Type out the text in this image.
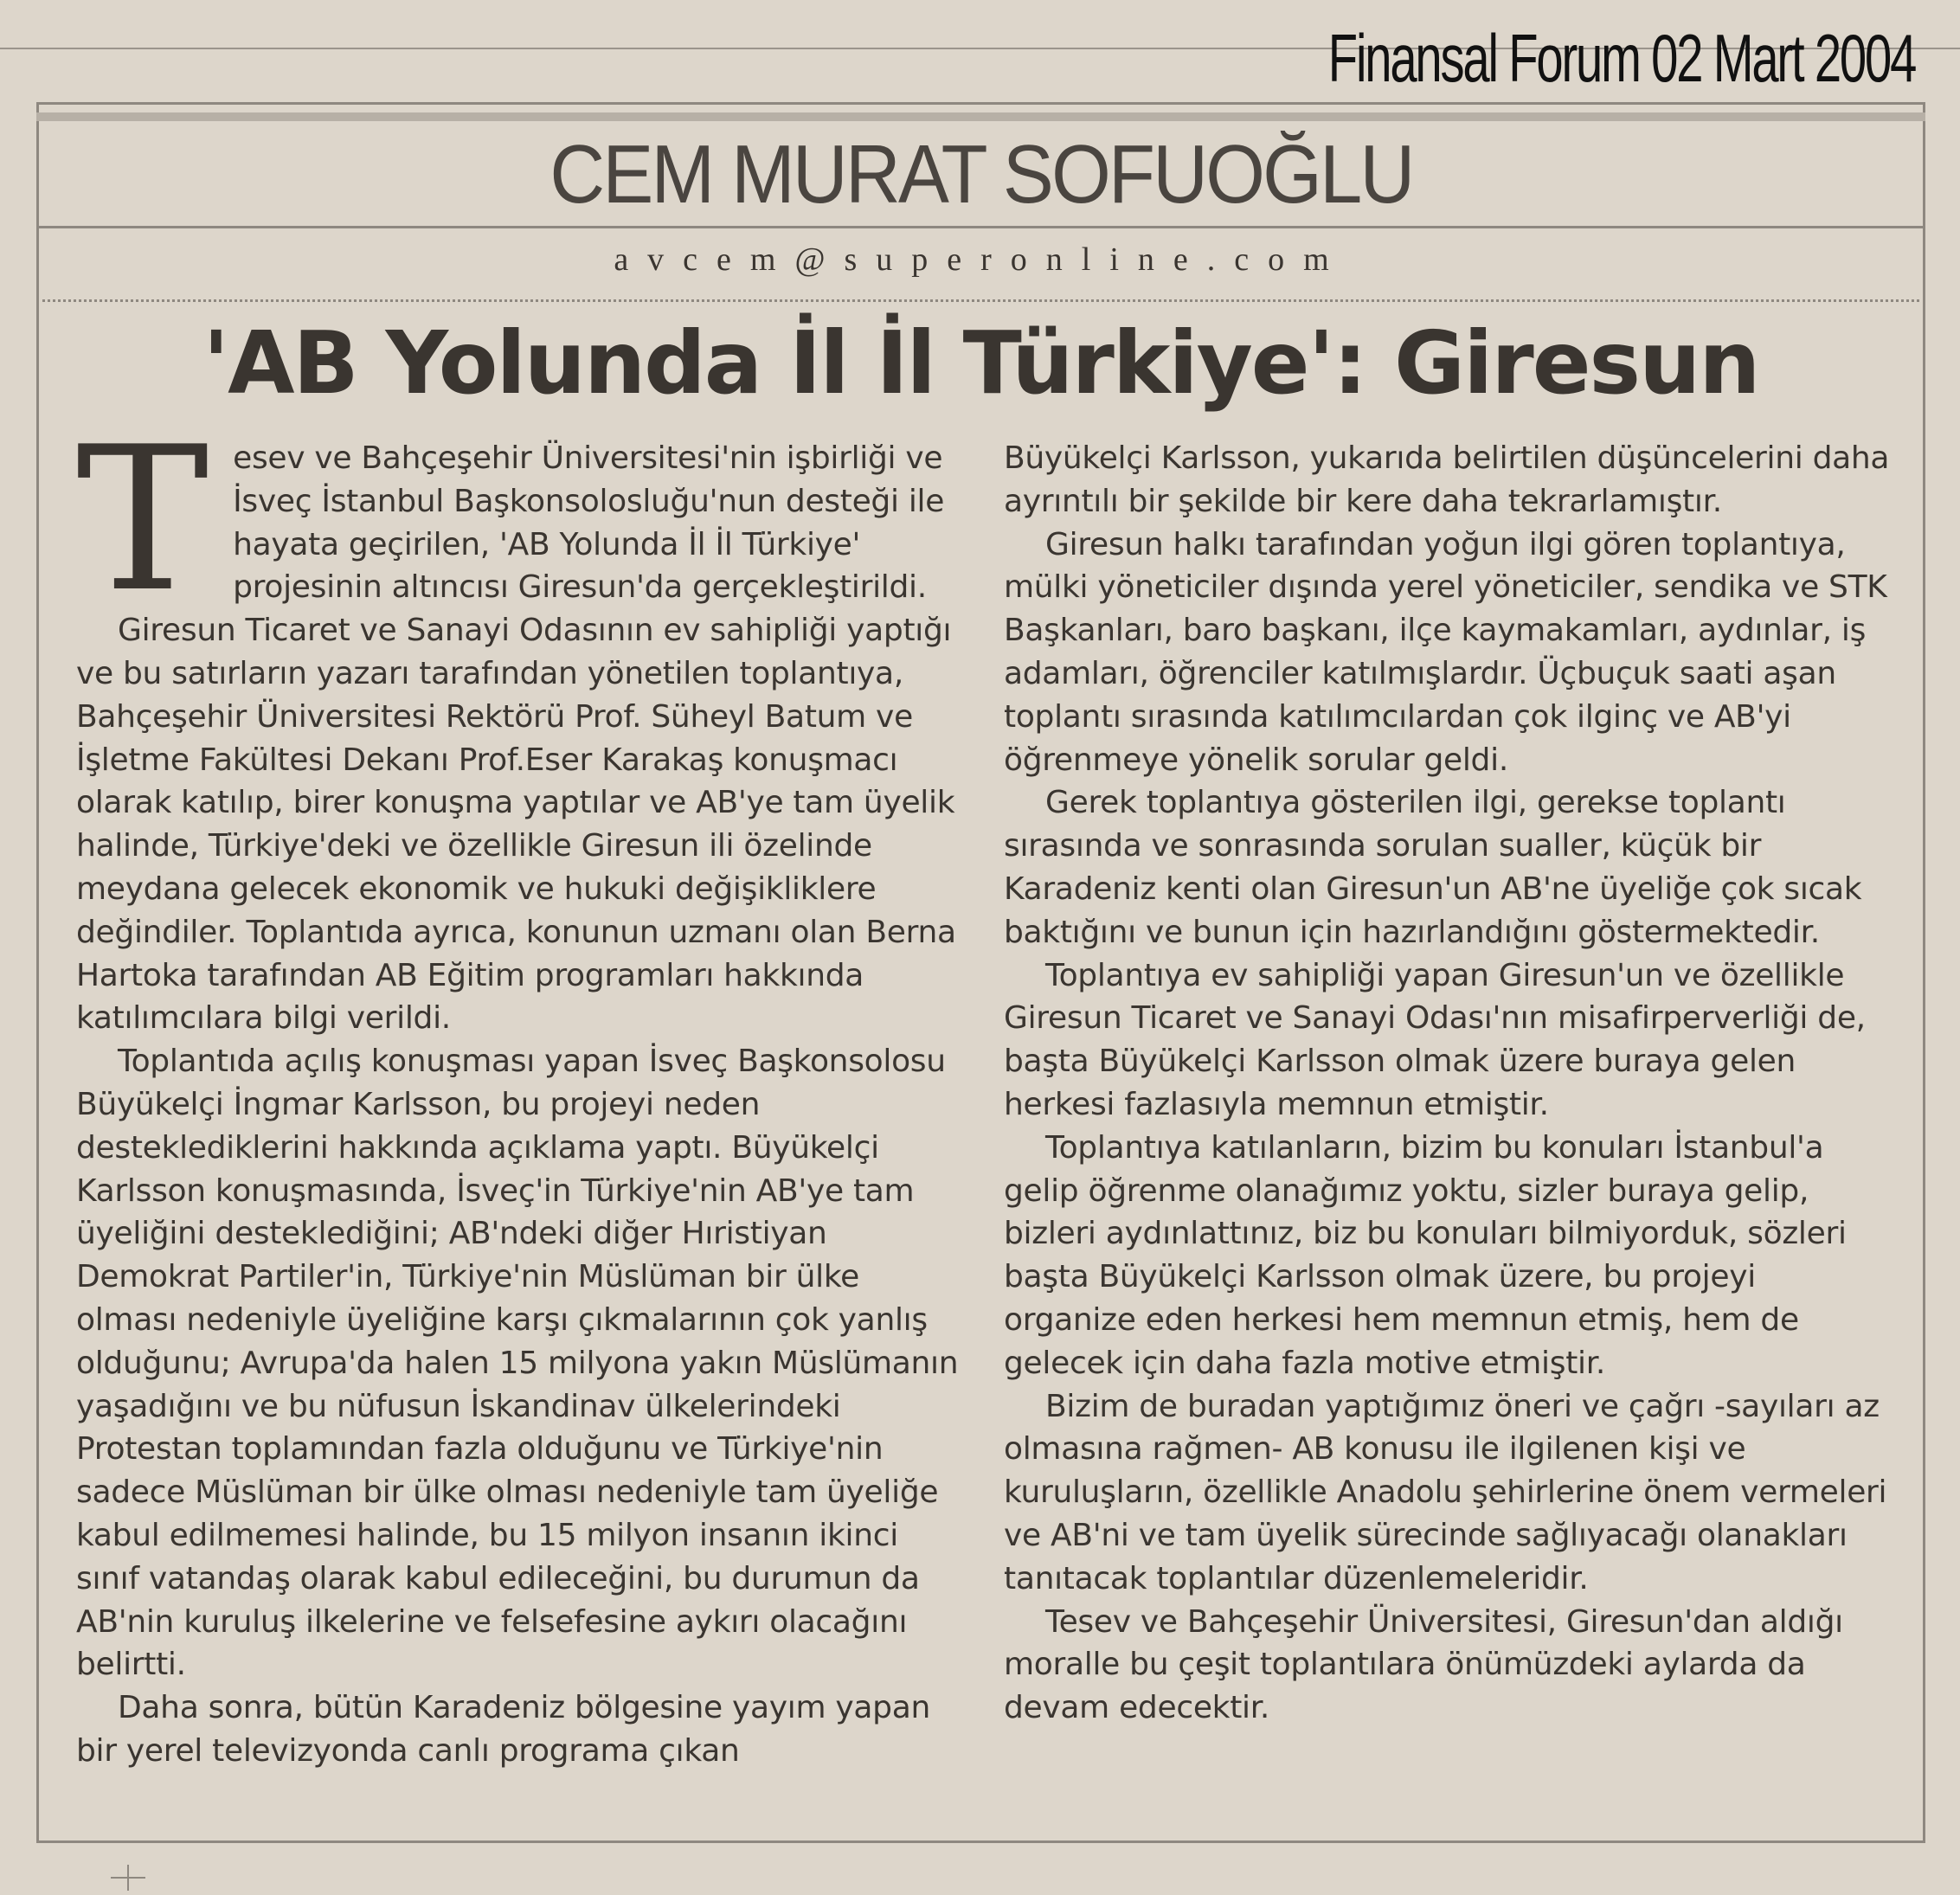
Finansal Forum 02 Mart 2004
CEM MURAT SOFUOĞLU
avcem@superonline.com
'AB Yolunda İl İl Türkiye': Giresun

Tesev ve Bahçeşehir Üniversitesi'nin işbirliği ve İsveç İstanbul Başkonsolosluğu'nun desteği ile hayata geçirilen, 'AB Yolunda İl İl Türkiye' projesinin altıncısı Giresun'da gerçekleştirildi.

Giresun Ticaret ve Sanayi Odasının ev sahipliği yaptığı ve bu satırların yazarı tarafından yönetilen toplantıya, Bahçeşehir Üniversitesi Rektörü Prof. Süheyl Batum ve İşletme Fakültesi Dekanı Prof.Eser Karakaş konuşmacı olarak katılıp, birer konuşma yaptılar ve AB'ye tam üyelik halinde, Türkiye'deki ve özellikle Giresun ili özelinde meydana gelecek ekonomik ve hukuki değişikliklere değindiler. Toplantıda ayrıca, konunun uzmanı olan Berna Hartoka tarafından AB Eğitim programları hakkında katılımcılara bilgi verildi.

Toplantıda açılış konuşması yapan İsveç Başkonsolosu Büyükelçi İngmar Karlsson, bu projeyi neden desteklediklerini hakkında açıklama yaptı. Büyükelçi Karlsson konuşmasında, İsveç'in Türkiye'nin AB'ye tam üyeliğini desteklediğini; AB'ndeki diğer Hıristiyan Demokrat Partiler'in, Türkiye'nin Müslüman bir ülke olması nedeniyle üyeliğine karşı çıkmalarının çok yanlış olduğunu; Avrupa'da halen 15 milyona yakın Müslümanın yaşadığını ve bu nüfusun İskandinav ülkelerindeki Protestan toplamından fazla olduğunu ve Türkiye'nin sadece Müslüman bir ülke olması nedeniyle tam üyeliğe kabul edilmemesi halinde, bu 15 milyon insanın ikinci sınıf vatandaş olarak kabul edileceğini, bu durumun da AB'nin kuruluş ilkelerine ve felsefesine aykırı olacağını belirtti.

Daha sonra, bütün Karadeniz bölgesine yayım yapan bir yerel televizyonda canlı programa çıkan

Büyükelçi Karlsson, yukarıda belirtilen düşüncelerini daha ayrıntılı bir şekilde bir kere daha tekrarlamıştır.

Giresun halkı tarafından yoğun ilgi gören toplantıya, mülki yöneticiler dışında yerel yöneticiler, sendika ve STK Başkanları, baro başkanı, ilçe kaymakamları, aydınlar, iş adamları, öğrenciler katılmışlardır. Üçbuçuk saati aşan toplantı sırasında katılımcılardan çok ilginç ve AB'yi öğrenmeye yönelik sorular geldi.

Gerek toplantıya gösterilen ilgi, gerekse toplantı sırasında ve sonrasında sorulan sualler, küçük bir Karadeniz kenti olan Giresun'un AB'ne üyeliğe çok sıcak baktığını ve bunun için hazırlandığını göstermektedir.

Toplantıya ev sahipliği yapan Giresun'un ve özellikle Giresun Ticaret ve Sanayi Odası'nın misafirperverliği de, başta Büyükelçi Karlsson olmak üzere buraya gelen herkesi fazlasıyla memnun etmiştir.

Toplantıya katılanların, bizim bu konuları İstanbul'a gelip öğrenme olanağımız yoktu, sizler buraya gelip, bizleri aydınlattınız, biz bu konuları bilmiyorduk, sözleri başta Büyükelçi Karlsson olmak üzere, bu projeyi organize eden herkesi hem memnun etmiş, hem de gelecek için daha fazla motive etmiştir.

Bizim de buradan yaptığımız öneri ve çağrı -sayıları az olmasına rağmen- AB konusu ile ilgilenen kişi ve kuruluşların, özellikle Anadolu şehirlerine önem vermeleri ve AB'ni ve tam üyelik sürecinde sağlıyacağı olanakları tanıtacak toplantılar düzenlemeleridir.

Tesev ve Bahçeşehir Üniversitesi, Giresun'dan aldığı moralle bu çeşit toplantılara önümüzdeki aylarda da devam edecektir.
